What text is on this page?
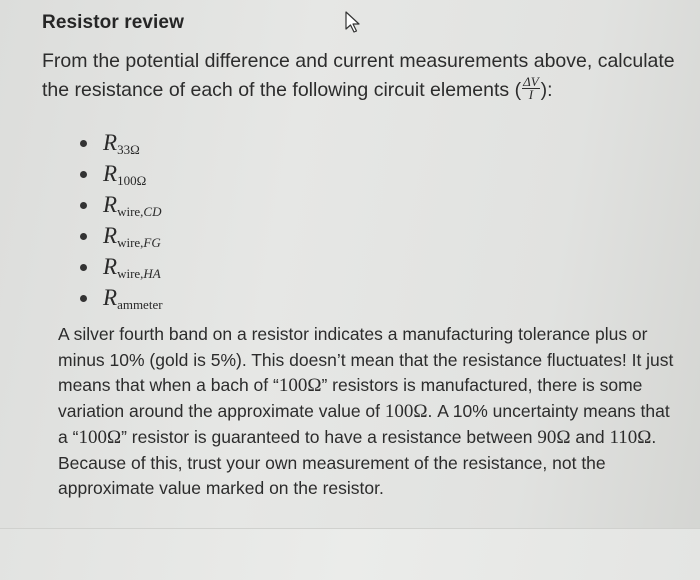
Resistor review
From the potential difference and current measurements above, calculate the resistance of each of the following circuit elements ( $\frac{\Delta V}{I}$ ):
$R_{33\Omega}$
$R_{100\Omega}$
$R_{wire,CD}$
$R_{wire,FG}$
$R_{wire,HA}$
$R_{ammeter}$
A silver fourth band on a resistor indicates a manufacturing tolerance plus or minus 10% (gold is 5%). This doesn’t mean that the resistance fluctuates! It just means that when a bach of “100Ω” resistors is manufactured, there is some variation around the approximate value of 100Ω. A 10% uncertainty means that a “100Ω” resistor is guaranteed to have a resistance between 90Ω and 110Ω. Because of this, trust your own measurement of the resistance, not the approximate value marked on the resistor.
